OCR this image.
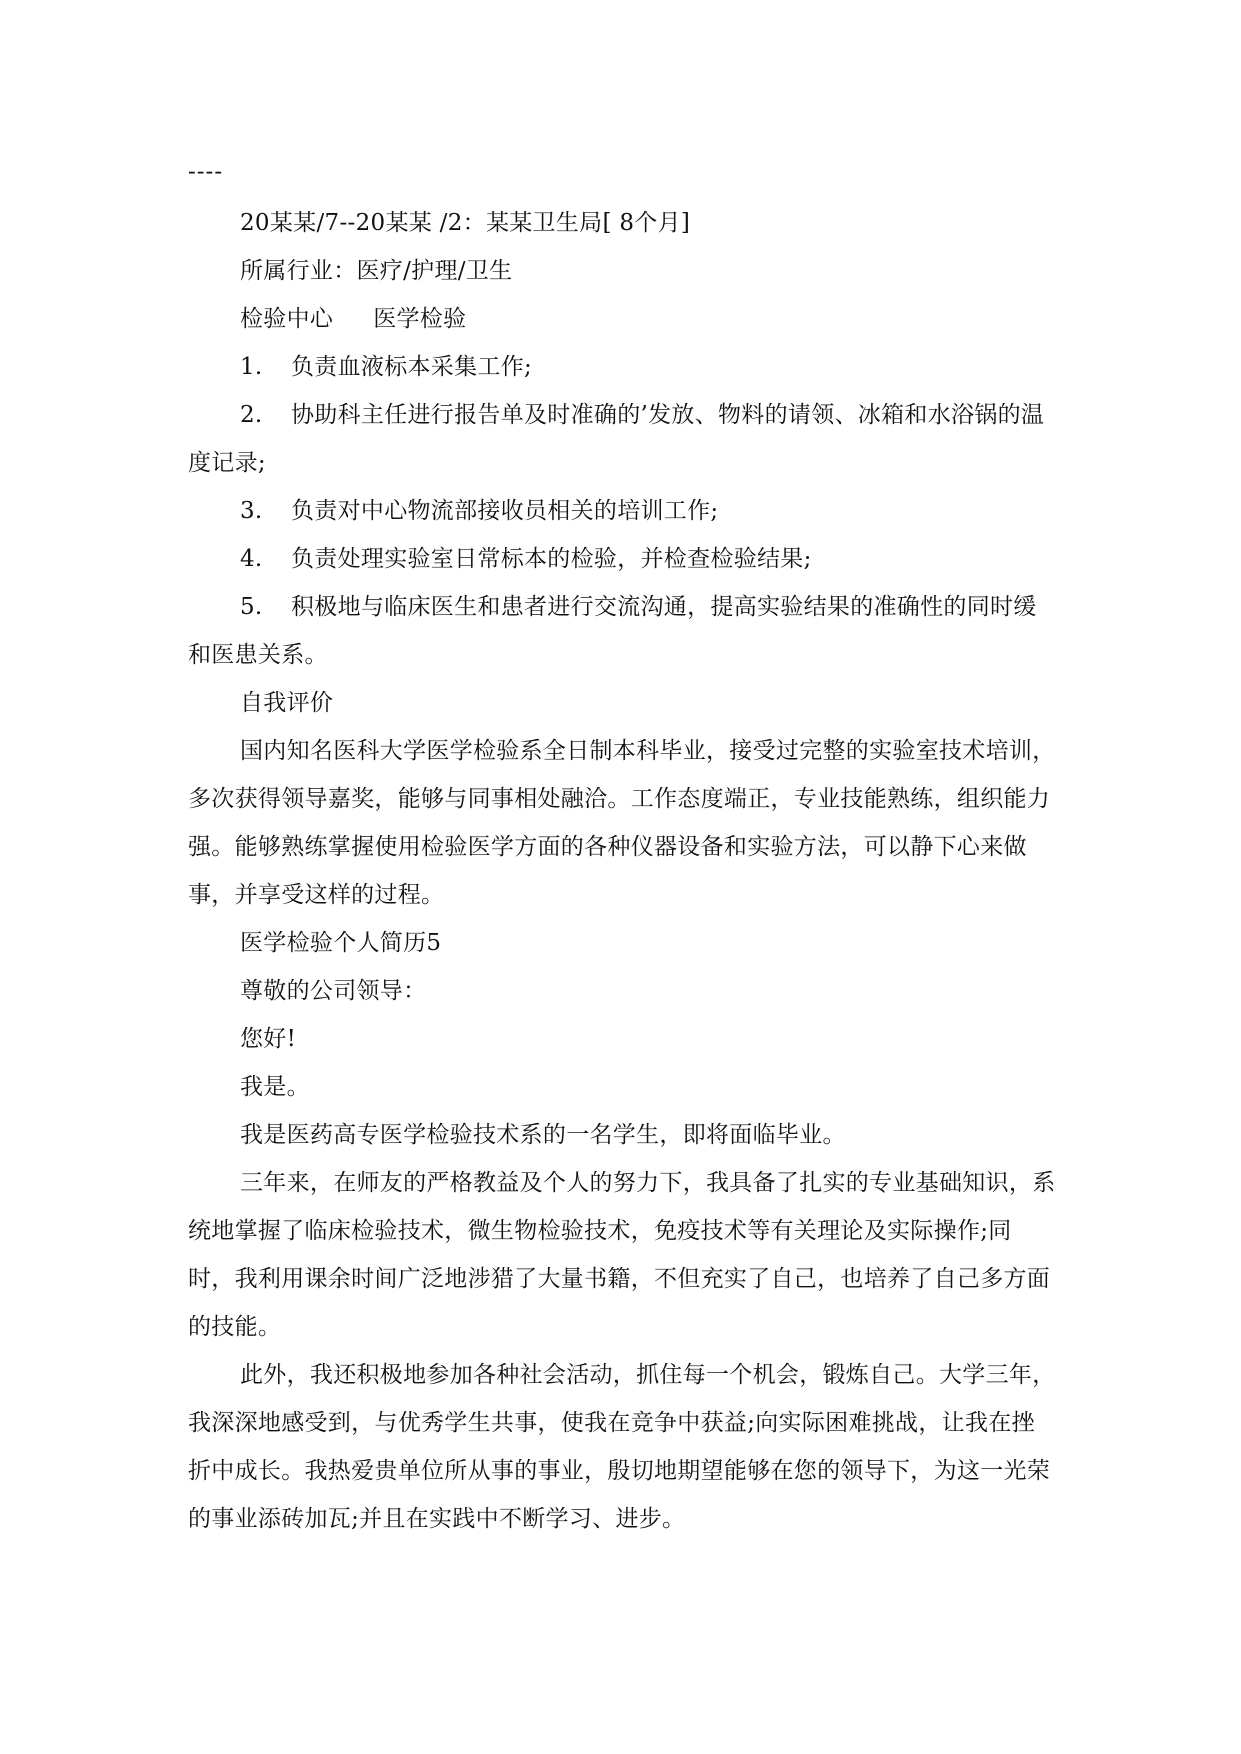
----

20某某/7--20某某 /2：某某卫生局[ 8个月]

所属行业：医疗/护理/卫生

检验中心 医学检验

1. 负责血液标本采集工作;

2. 协助科主任进行报告单及时准确的’发放、物料的请领、冰箱和水浴锅的温度记录;

3. 负责对中心物流部接收员相关的培训工作;

4. 负责处理实验室日常标本的检验，并检查检验结果;

5. 积极地与临床医生和患者进行交流沟通，提高实验结果的准确性的同时缓和医患关系。

自我评价

国内知名医科大学医学检验系全日制本科毕业，接受过完整的实验室技术培训，多次获得领导嘉奖，能够与同事相处融洽。工作态度端正，专业技能熟练，组织能力强。能够熟练掌握使用检验医学方面的各种仪器设备和实验方法，可以静下心来做事，并享受这样的过程。

医学检验个人简历5

尊敬的公司领导：

您好!

我是。

我是医药高专医学检验技术系的一名学生，即将面临毕业。

三年来，在师友的严格教益及个人的努力下，我具备了扎实的专业基础知识，系统地掌握了临床检验技术，微生物检验技术，免疫技术等有关理论及实际操作;同时，我利用课余时间广泛地涉猎了大量书籍，不但充实了自己，也培养了自己多方面的技能。

此外，我还积极地参加各种社会活动，抓住每一个机会，锻炼自己。大学三年，我深深地感受到，与优秀学生共事，使我在竞争中获益;向实际困难挑战，让我在挫折中成长。我热爱贵单位所从事的事业，殷切地期望能够在您的领导下，为这一光荣的事业添砖加瓦;并且在实践中不断学习、进步。
